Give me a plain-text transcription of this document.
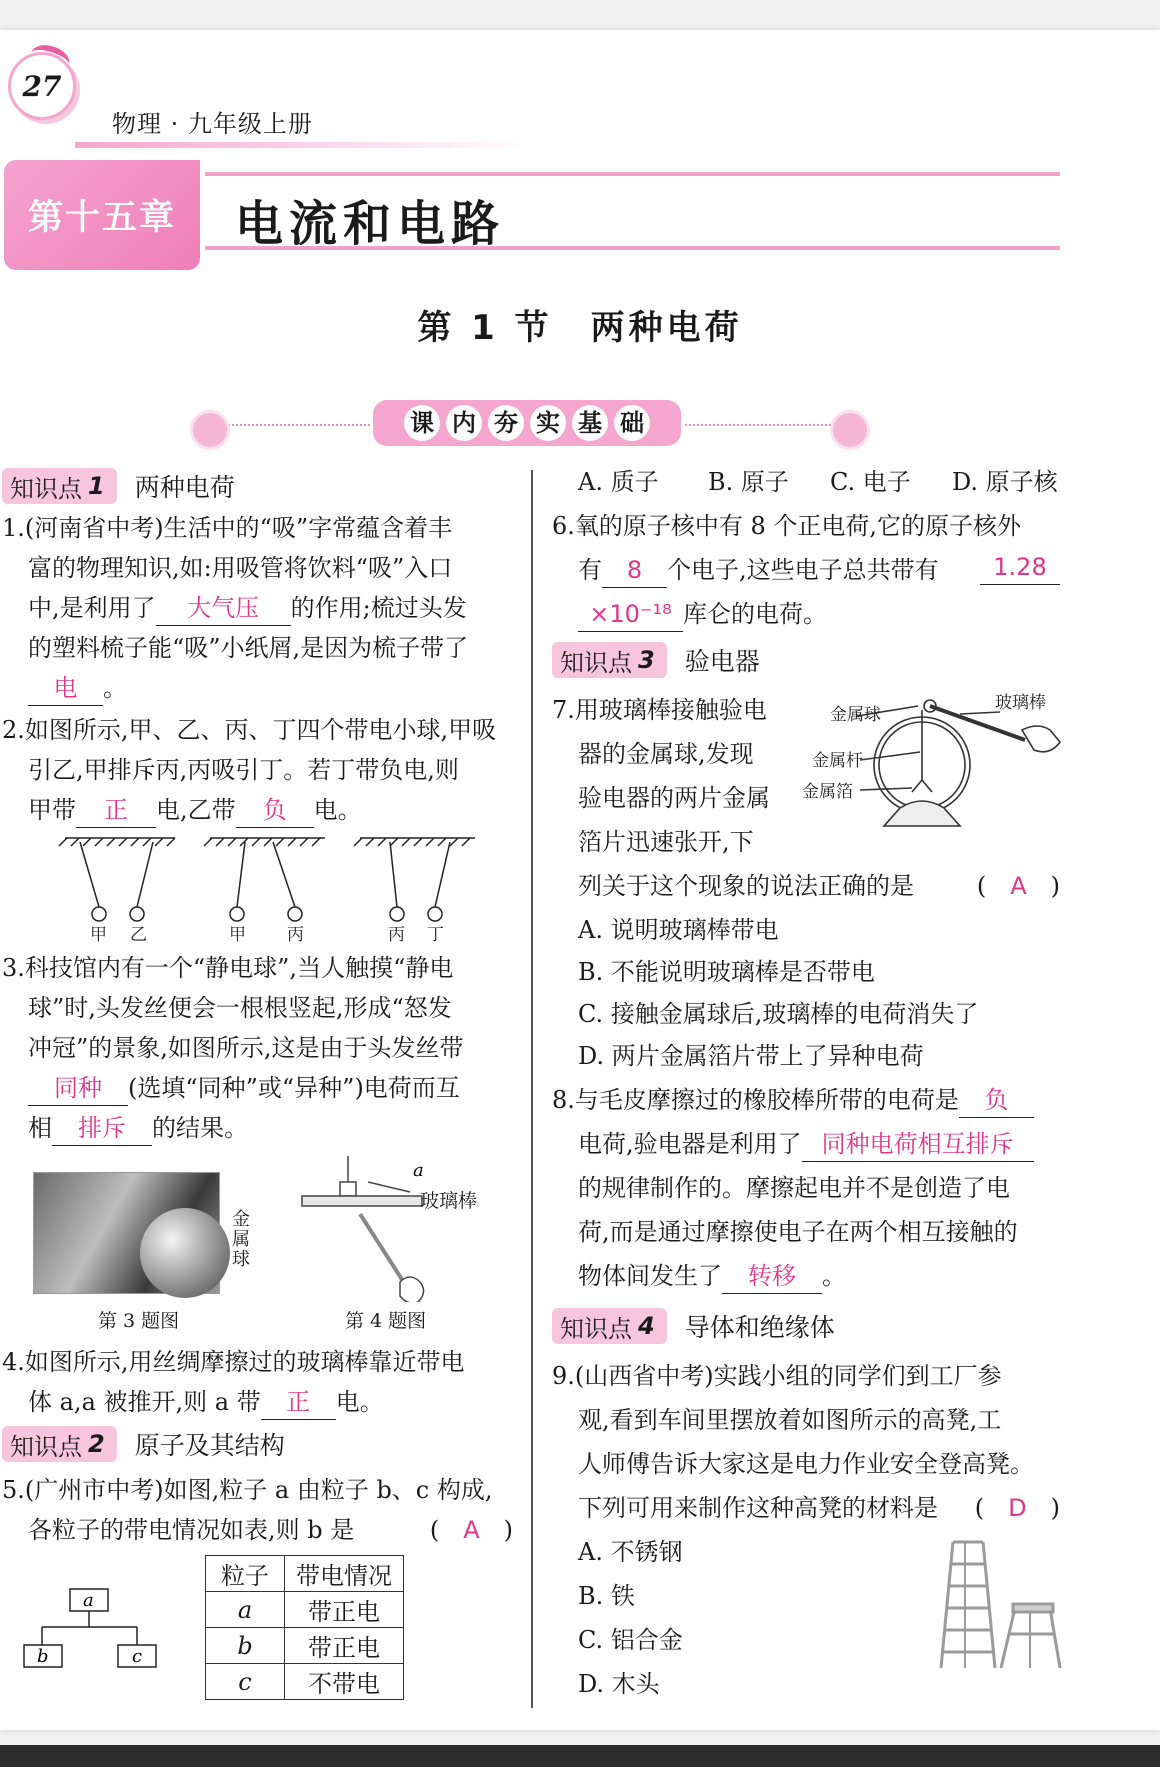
27
物理 · 九年级上册
第十五章	电流和电路
第 1 节　两种电荷
课 内 夯 实 基 础
知识点 1 两种电荷
1.(河南省中考)生活中的“吸”字常蕴含着丰
富的物理知识,如:用吸管将饮料“吸”入口
中,是利用了 大气压 的作用;梳过头发
的塑料梳子能“吸”小纸屑,是因为梳子带了
电 。
2.如图所示,甲、乙、丙、丁四个带电小球,甲吸
引乙,甲排斥丙,丙吸引丁。若丁带负电,则
甲带 正 电,乙带 负 电。
甲 乙	甲 丙	丙 丁
3.科技馆内有一个“静电球”,当人触摸“静电
球”时,头发丝便会一根根竖起,形成“怒发
冲冠”的景象,如图所示,这是由于头发丝带
同种 (选填“同种”或“异种”)电荷而互
相 排斥 的结果。
金属球
第 3 题图
a
玻璃棒
第 4 题图
4.如图所示,用丝绸摩擦过的玻璃棒靠近带电
体 a,a 被推开,则 a 带 正 电。
知识点 2 原子及其结构
5.(广州市中考)如图,粒子 a 由粒子 b、c 构成,
各粒子的带电情况如表,则 b 是	(　A　)
a
b	c
粒子	带电情况
a	带正电
b	带正电
c	不带电
A. 质子 B. 原子 C. 电子 D. 原子核
6.氧的原子核中有 8 个正电荷,它的原子核外
有 8 个电子,这些电子总共带有	1.28
×10⁻¹⁸ 库仑的电荷。
知识点 3 验电器
7.用玻璃棒接触验电
器的金属球,发现
验电器的两片金属
箔片迅速张开,下
列关于这个现象的说法正确的是	(　A　)
金属球
玻璃棒
金属杆
金属箔
A. 说明玻璃棒带电
B. 不能说明玻璃棒是否带电
C. 接触金属球后,玻璃棒的电荷消失了
D. 两片金属箔片带上了异种电荷
8.与毛皮摩擦过的橡胶棒所带的电荷是 负
电荷,验电器是利用了 同种电荷相互排斥
的规律制作的。摩擦起电并不是创造了电
荷,而是通过摩擦使电子在两个相互接触的
物体间发生了 转移 。
知识点 4 导体和绝缘体
9.(山西省中考)实践小组的同学们到工厂参
观,看到车间里摆放着如图所示的高凳,工
人师傅告诉大家这是电力作业安全登高凳。
下列可用来制作这种高凳的材料是 (　D　)
A. 不锈钢
B. 铁
C. 铝合金
D. 木头
